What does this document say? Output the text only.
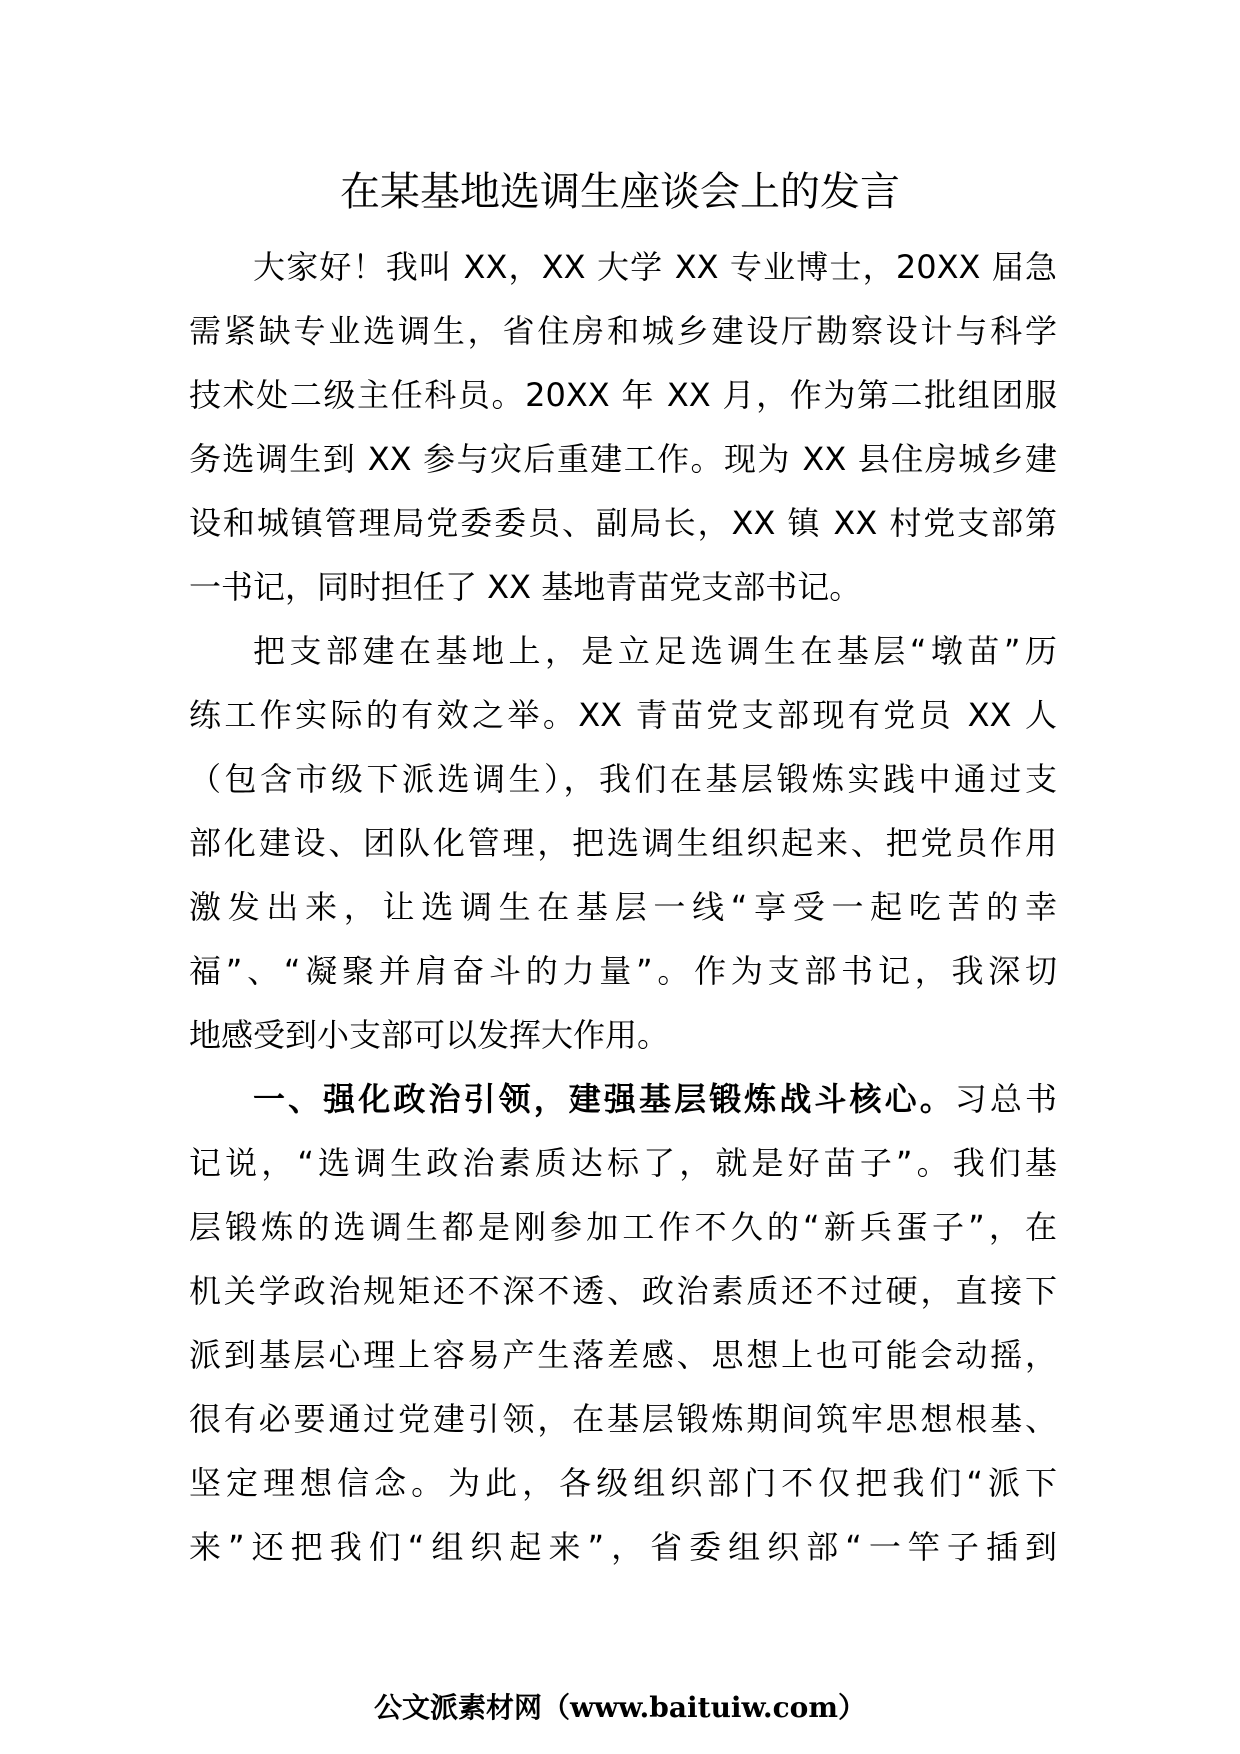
在某基地选调生座谈会上的发言
大家好！我叫 XX，XX 大学 XX 专业博士，20XX 届急
需紧缺专业选调生，省住房和城乡建设厅勘察设计与科学
技术处二级主任科员。20XX 年 XX 月，作为第二批组团服
务选调生到 XX 参与灾后重建工作。现为 XX 县住房城乡建
设和城镇管理局党委委员、副局长，XX 镇 XX 村党支部第
一书记，同时担任了 XX 基地青苗党支部书记。
把支部建在基地上，是立足选调生在基层“墩苗”历
练工作实际的有效之举。XX 青苗党支部现有党员 XX 人
（包含市级下派选调生），我们在基层锻炼实践中通过支
部化建设、团队化管理，把选调生组织起来、把党员作用
激发出来，让选调生在基层一线“享受一起吃苦的幸
福”、“凝聚并肩奋斗的力量”。作为支部书记，我深切
地感受到小支部可以发挥大作用。
一、强化政治引领，建强基层锻炼战斗核心。习总书
记说，“选调生政治素质达标了，就是好苗子”。我们基
层锻炼的选调生都是刚参加工作不久的“新兵蛋子”，在
机关学政治规矩还不深不透、政治素质还不过硬，直接下
派到基层心理上容易产生落差感、思想上也可能会动摇，
很有必要通过党建引领，在基层锻炼期间筑牢思想根基、
坚定理想信念。为此，各级组织部门不仅把我们“派下
来”还把我们“组织起来”，省委组织部“一竿子插到
公文派素材网（www.baituiw.com）
